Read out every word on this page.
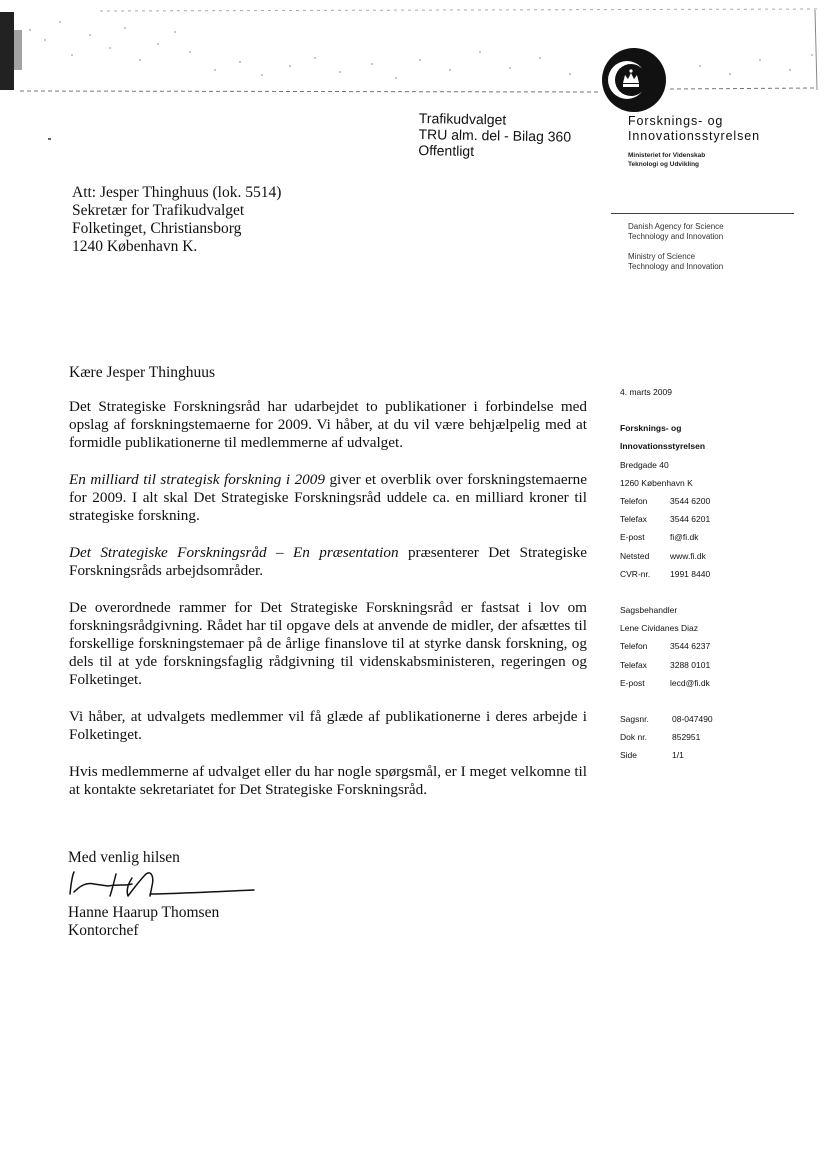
Trafikudvalget
TRU alm. del - Bilag 360
Offentligt
Forsknings- og
Innovationsstyrelsen
Ministeriet for Videnskab
Teknologi og Udvikling
Danish Agency for Science
Technology and Innovation
Ministry of Science
Technology and Innovation
Att: Jesper Thinghuus (lok. 5514)
Sekretær for Trafikudvalget
Folketinget, Christiansborg
1240 København K.
Kære Jesper Thinghuus

Det Strategiske Forskningsråd har udarbejdet to publikationer i forbindelse med opslag af forskningstemaerne for 2009. Vi håber, at du vil være behjælpelig med at formidle publikationerne til medlemmerne af udvalget.

En milliard til strategisk forskning i 2009 giver et overblik over forskningstemaerne for 2009. I alt skal Det Strategiske Forskningsråd uddele ca. en milliard kroner til strategiske forskning.

Det Strategiske Forskningsråd – En præsentation præsenterer Det Strategiske Forskningsråds arbejdsområder.

De overordnede rammer for Det Strategiske Forskningsråd er fastsat i lov om forskningsrådgivning. Rådet har til opgave dels at anvende de midler, der afsættes til forskellige forskningstemaer på de årlige finanslove til at styrke dansk forskning, og dels til at yde forskningsfaglig rådgivning til videnskabsministeren, regeringen og Folketinget.

Vi håber, at udvalgets medlemmer vil få glæde af publikationerne i deres arbejde i Folketinget.

Hvis medlemmerne af udvalget eller du har nogle spørgsmål, er I meget velkomne til at kontakte sekretariatet for Det Strategiske Forskningsråd.

4. marts 2009
Forsknings- og
Innovationsstyrelsen
Bredgade 40
1260 København K
Telefon	3544 6200
Telefax	3544 6201
E-post	fi@fi.dk
Netsted	www.fi.dk
CVR-nr.	1991 8440
Sagsbehandler
Lene Cividanes Diaz
Telefon	3544 6237
Telefax	3288 0101
E-post	lecd@fi.dk
Sagsnr.	08-047490
Dok nr.	852951
Side	1/1
Med venlig hilsen
Hanne Haarup Thomsen
Kontorchef
